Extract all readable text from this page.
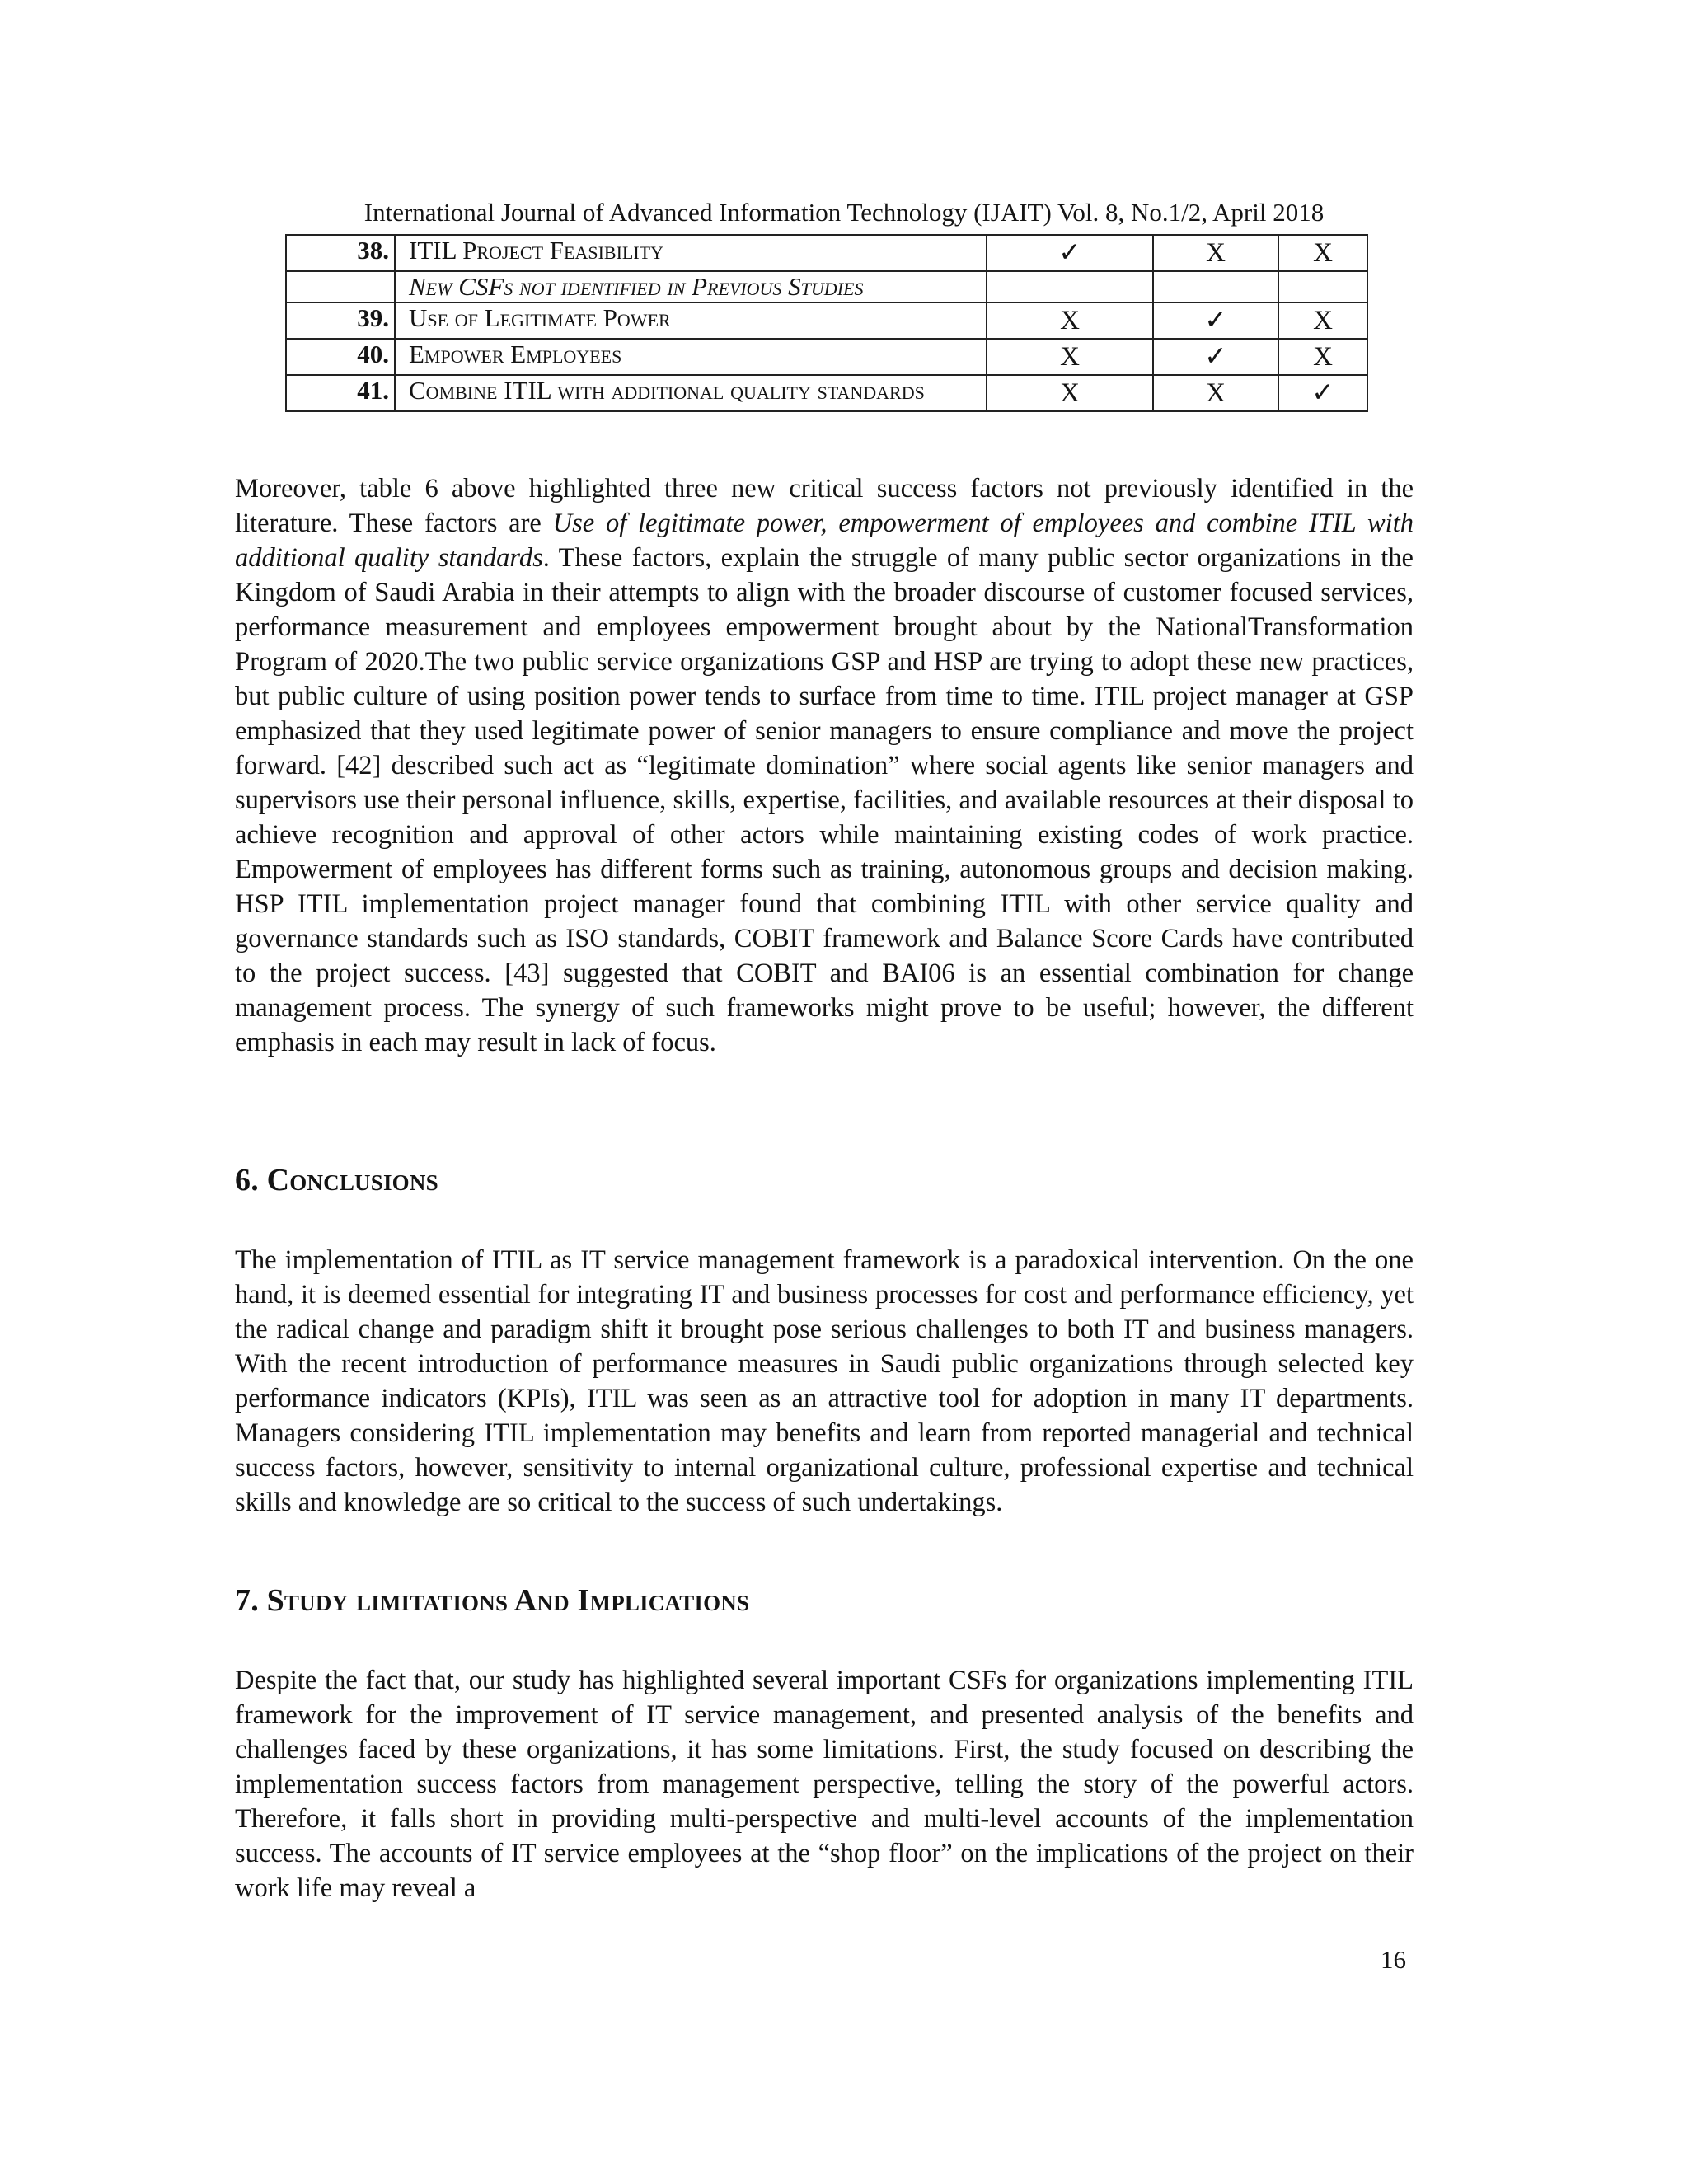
International Journal of Advanced Information Technology (IJAIT) Vol. 8, No.1/2, April 2018
38.	ITIL Project Feasibility	✓	X	X
	New CSFs not identified in Previous Studies			
39.	Use of Legitimate Power	X	✓	X
40.	Empower Employees	X	✓	X
41.	Combine ITIL with additional quality standards	X	X	✓

Moreover, table 6 above highlighted three new critical success factors not previously identified in the literature. These factors are Use of legitimate power, empowerment of employees and combine ITIL with additional quality standards. These factors, explain the struggle of many public sector organizations in the Kingdom of Saudi Arabia in their attempts to align with the broader discourse of customer focused services, performance measurement and employees empowerment brought about by the NationalTransformation Program of 2020.The two public service organizations GSP and HSP are trying to adopt these new practices, but public culture of using position power tends to surface from time to time. ITIL project manager at GSP emphasized that they used legitimate power of senior managers to ensure compliance and move the project forward. [42] described such act as “legitimate domination” where social agents like senior managers and supervisors use their personal influence, skills, expertise, facilities, and available resources at their disposal to achieve recognition and approval of other actors while maintaining existing codes of work practice. Empowerment of employees has different forms such as training, autonomous groups and decision making. HSP ITIL implementation project manager found that combining ITIL with other service quality and governance standards such as ISO standards, COBIT framework and Balance Score Cards have contributed to the project success. [43] suggested that COBIT and BAI06 is an essential combination for change management process. The synergy of such frameworks might prove to be useful; however, the different emphasis in each may result in lack of focus.

6. Conclusions

The implementation of ITIL as IT service management framework is a paradoxical intervention. On the one hand, it is deemed essential for integrating IT and business processes for cost and performance efficiency, yet the radical change and paradigm shift it brought pose serious challenges to both IT and business managers. With the recent introduction of performance measures in Saudi public organizations through selected key performance indicators (KPIs), ITIL was seen as an attractive tool for adoption in many IT departments. Managers considering ITIL implementation may benefits and learn from reported managerial and technical success factors, however, sensitivity to internal organizational culture, professional expertise and technical skills and knowledge are so critical to the success of such undertakings.

7. Study limitations And Implications

Despite the fact that, our study has highlighted several important CSFs for organizations implementing ITIL framework for the improvement of IT service management, and presented analysis of the benefits and challenges faced by these organizations, it has some limitations. First, the study focused on describing the implementation success factors from management perspective, telling the story of the powerful actors. Therefore, it falls short in providing multi-perspective and multi-level accounts of the implementation success. The accounts of IT service employees at the “shop floor” on the implications of the project on their work life may reveal a

16
